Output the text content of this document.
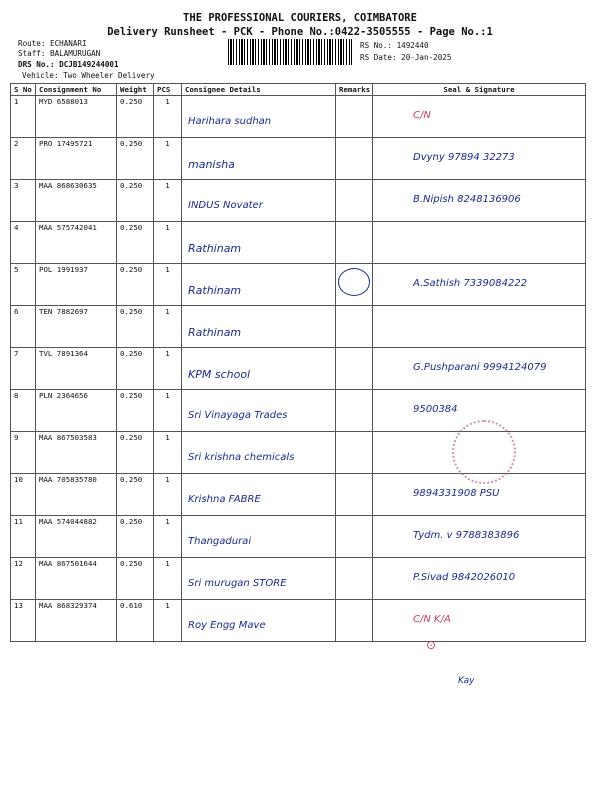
THE PROFESSIONAL COURIERS, COIMBATORE
Delivery Runsheet - PCK - Phone No.:0422-3505555 - Page No.:1
Route: ECHANARI
Staff: BALAMURUGAN
DRS No.: DCJB149244001
Vehicle: Two Wheeler Delivery
RS No.: 1492440
RS Date: 20-Jan-2025
S No	Consignment No	Weight	PCS	Consignee Details	Remarks	Seal & Signature
1	MYD 6588013	0.250	1	Harihara sudhan		C/N

2	PRO 17495721	0.250	1	manisha		Dvyny 97894 32273

3	MAA 868630635	0.250	1	INDUS Novater		B.Nipish 8248136906

4	MAA 575742041	0.250	1	Rathinam		

5	POL 1991937	0.250	1	Rathinam		A.Sathish 7339084222

6	TEN 7882697	0.250	1	Rathinam		

7	TVL 7891364	0.250	1	KPM school		G.Pushparani 9994124079

8	PLN 2364656	0.250	1	Sri Vinayaga Trades		9500384

9	MAA 867503583	0.250	1	Sri krishna chemicals		

10	MAA 705835780	0.250	1	Krishna FABRE		9894331908 PSU

11	MAA 574044882	0.250	1	Thangadurai		Tydm. v 9788383896

12	MAA 867501644	0.250	1	Sri murugan STORE		P.Sivad 9842026010

13	MAA 868329374	0.610	1	Roy Engg Mave		C/N K/A
⊙
Kay
